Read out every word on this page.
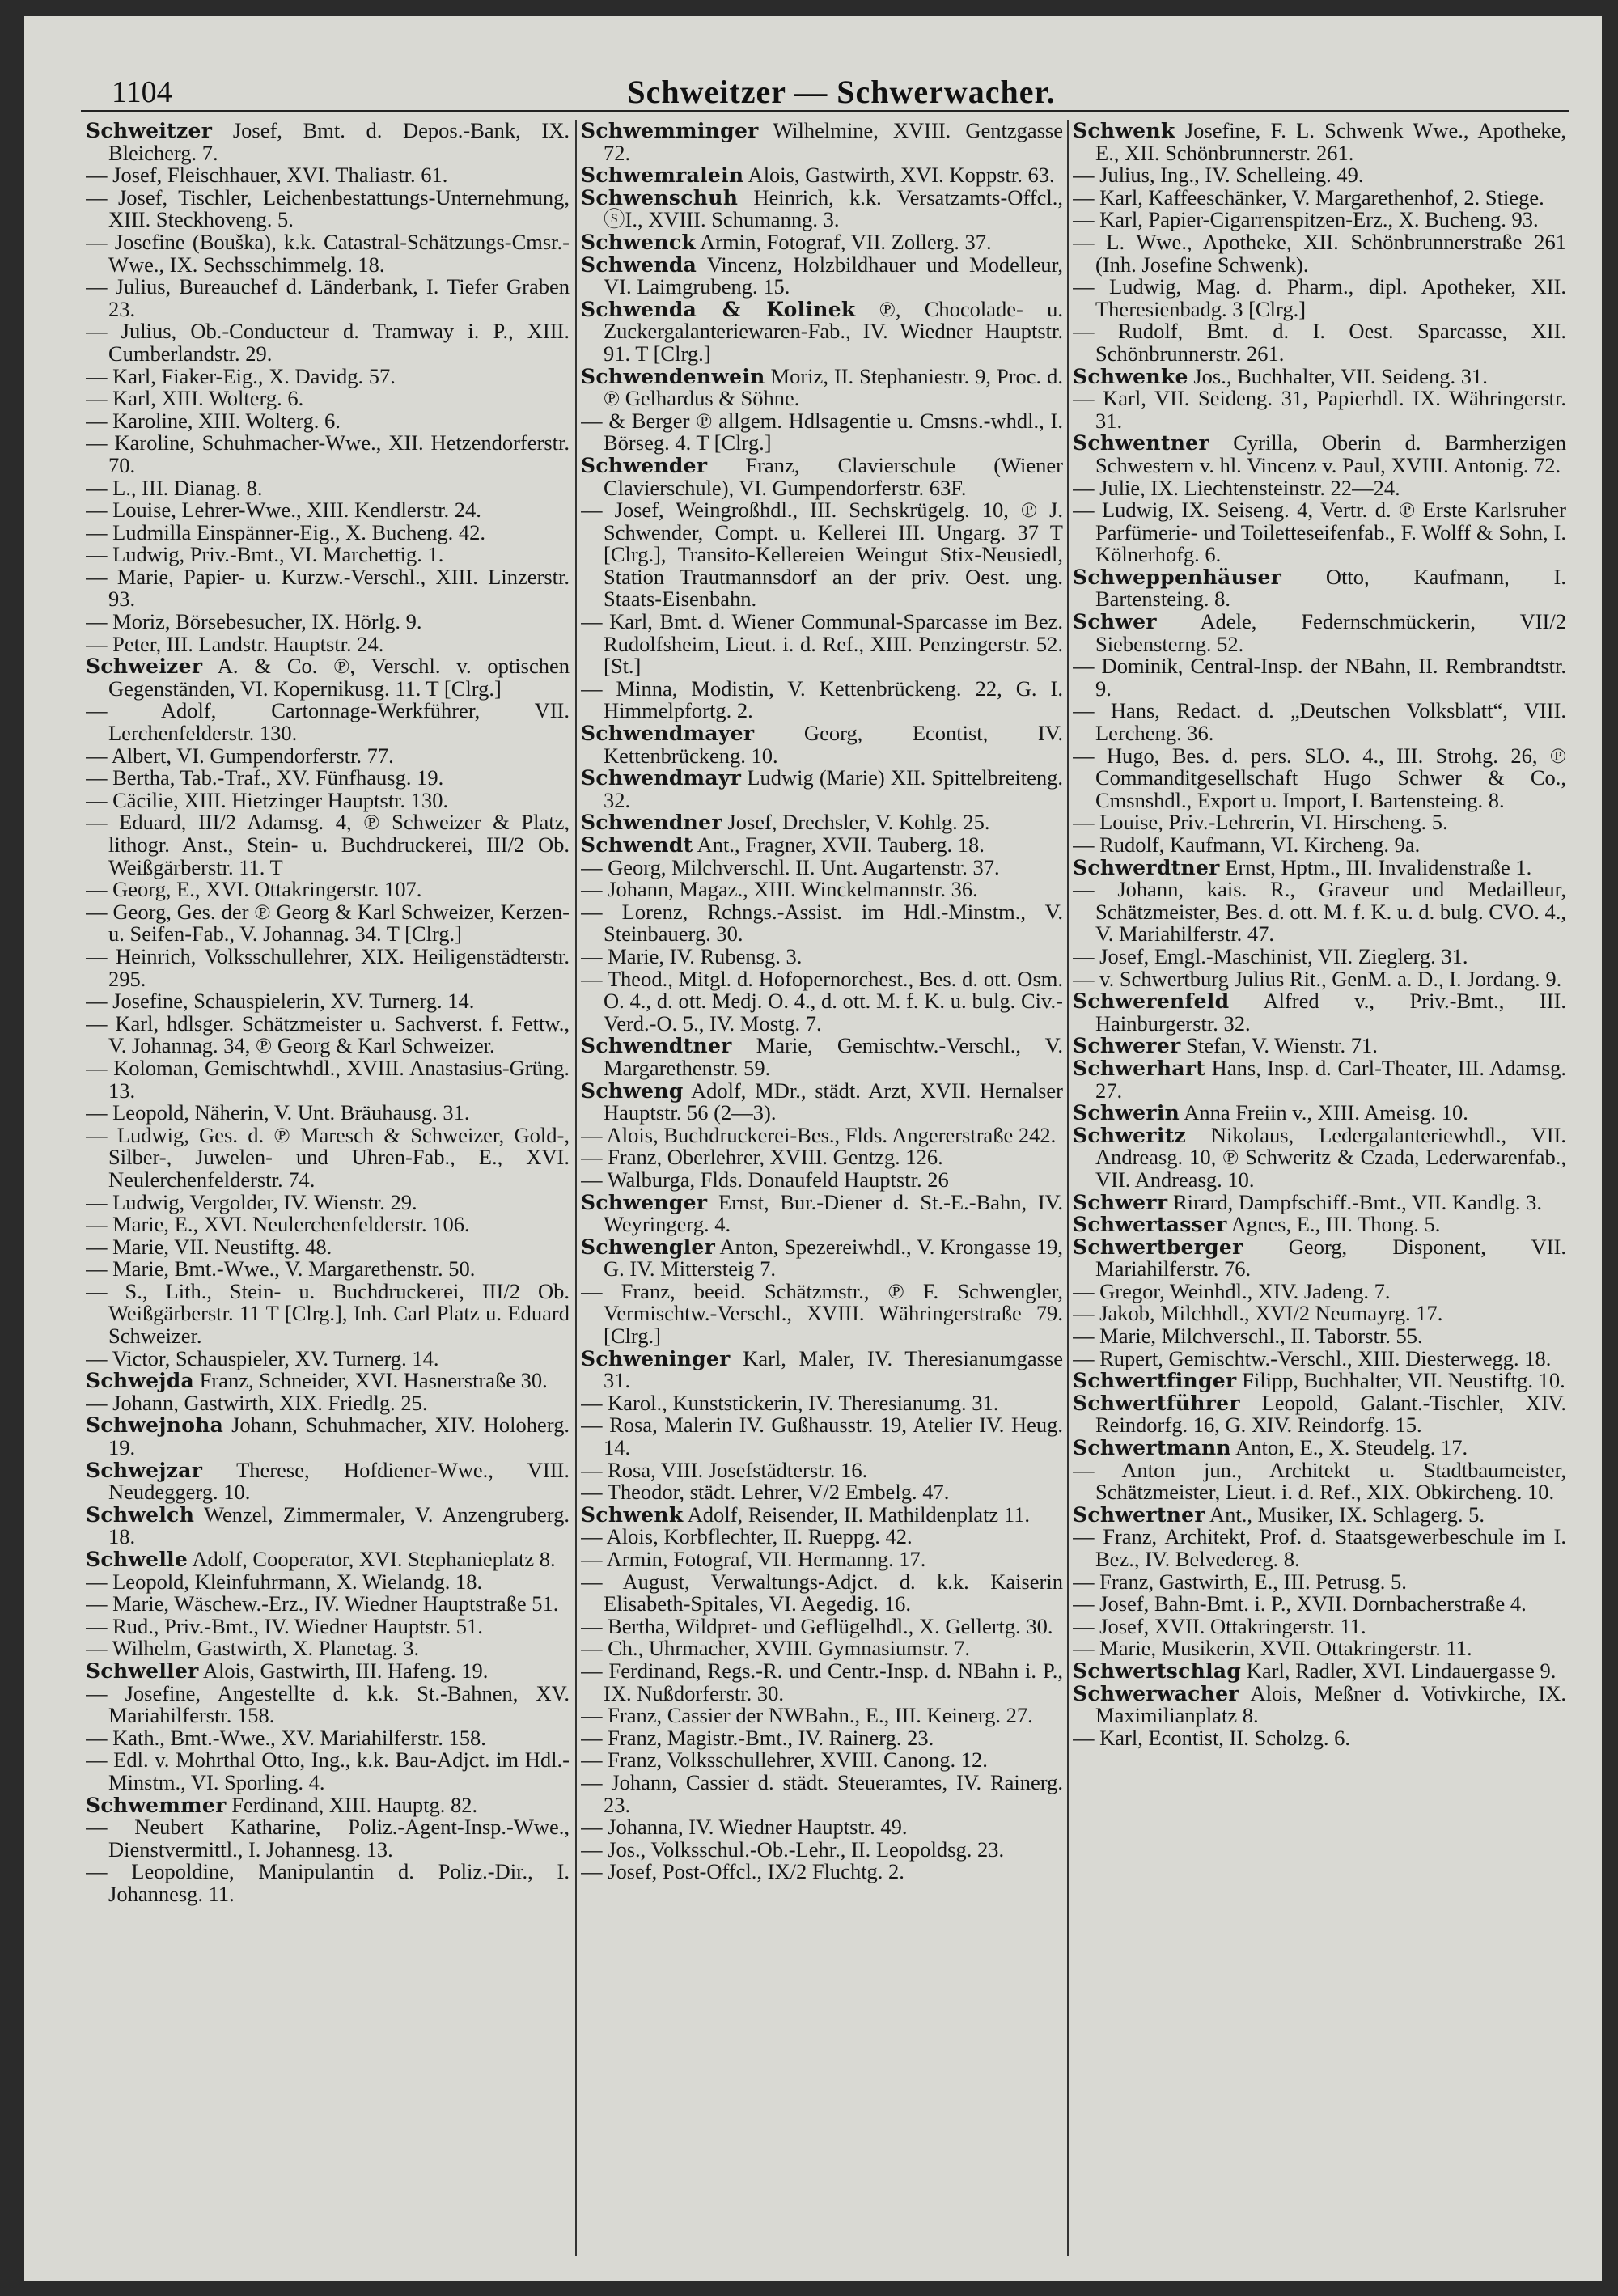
1104	Schweitzer — Schwerwacher.

Schweitzer Josef, Bmt. d. Depos.-Bank, IX. Bleicherg. 7.

— Josef, Fleischhauer, XVI. Thaliastr. 61.

— Josef, Tischler, Leichenbestattungs-Unternehmung, XIII. Steckhoveng. 5.

— Josefine (Bouška), k.k. Catastral-Schätzungs-Cmsr.-Wwe., IX. Sechsschimmelg. 18.

— Julius, Bureauchef d. Länderbank, I. Tiefer Graben 23.

— Julius, Ob.-Conducteur d. Tramway i. P., XIII. Cumberlandstr. 29.

— Karl, Fiaker-Eig., X. Davidg. 57.

— Karl, XIII. Wolterg. 6.

— Karoline, XIII. Wolterg. 6.

— Karoline, Schuhmacher-Wwe., XII. Hetzendorferstr. 70.

— L., III. Dianag. 8.

— Louise, Lehrer-Wwe., XIII. Kendlerstr. 24.

— Ludmilla Einspänner-Eig., X. Bucheng. 42.

— Ludwig, Priv.-Bmt., VI. Marchettig. 1.

— Marie, Papier- u. Kurzw.-Verschl., XIII. Linzerstr. 93.

— Moriz, Börsebesucher, IX. Hörlg. 9.

— Peter, III. Landstr. Hauptstr. 24.

Schweizer A. & Co. ℗, Verschl. v. optischen Gegenständen, VI. Kopernikusg. 11. T [Clrg.]

— Adolf, Cartonnage-Werkführer, VII. Lerchenfelderstr. 130.

— Albert, VI. Gumpendorferstr. 77.

— Bertha, Tab.-Traf., XV. Fünfhausg. 19.

— Cäcilie, XIII. Hietzinger Hauptstr. 130.

— Eduard, III/2 Adamsg. 4, ℗ Schweizer & Platz, lithogr. Anst., Stein- u. Buchdruckerei, III/2 Ob. Weißgärberstr. 11. T

— Georg, E., XVI. Ottakringerstr. 107.

— Georg, Ges. der ℗ Georg & Karl Schweizer, Kerzen- u. Seifen-Fab., V. Johannag. 34. T [Clrg.]

— Heinrich, Volksschullehrer, XIX. Heiligenstädterstr. 295.

— Josefine, Schauspielerin, XV. Turnerg. 14.

— Karl, hdlsger. Schätzmeister u. Sachverst. f. Fettw., V. Johannag. 34, ℗ Georg & Karl Schweizer.

— Koloman, Gemischtwhdl., XVIII. Anastasius-Grüng. 13.

— Leopold, Näherin, V. Unt. Bräuhausg. 31.

— Ludwig, Ges. d. ℗ Maresch & Schweizer, Gold-, Silber-, Juwelen- und Uhren-Fab., E., XVI. Neulerchenfelderstr. 74.

— Ludwig, Vergolder, IV. Wienstr. 29.

— Marie, E., XVI. Neulerchenfelderstr. 106.

— Marie, VII. Neustiftg. 48.

— Marie, Bmt.-Wwe., V. Margarethenstr. 50.

— S., Lith., Stein- u. Buchdruckerei, III/2 Ob. Weißgärberstr. 11 T [Clrg.], Inh. Carl Platz u. Eduard Schweizer.

— Victor, Schauspieler, XV. Turnerg. 14.

Schwejda Franz, Schneider, XVI. Hasnerstraße 30.

— Johann, Gastwirth, XIX. Friedlg. 25.

Schwejnoha Johann, Schuhmacher, XIV. Holoherg. 19.

Schwejzar Therese, Hofdiener-Wwe., VIII. Neudeggerg. 10.

Schwelch Wenzel, Zimmermaler, V. Anzengruberg. 18.

Schwelle Adolf, Cooperator, XVI. Stephanieplatz 8.

— Leopold, Kleinfuhrmann, X. Wielandg. 18.

— Marie, Wäschew.-Erz., IV. Wiedner Hauptstraße 51.

— Rud., Priv.-Bmt., IV. Wiedner Hauptstr. 51.

— Wilhelm, Gastwirth, X. Planetag. 3.

Schweller Alois, Gastwirth, III. Hafeng. 19.

— Josefine, Angestellte d. k.k. St.-Bahnen, XV. Mariahilferstr. 158.

— Kath., Bmt.-Wwe., XV. Mariahilferstr. 158.

— Edl. v. Mohrthal Otto, Ing., k.k. Bau-Adjct. im Hdl.-Minstm., VI. Sporling. 4.

Schwemmer Ferdinand, XIII. Hauptg. 82.

— Neubert Katharine, Poliz.-Agent-Insp.-Wwe., Dienstvermittl., I. Johannesg. 13.

— Leopoldine, Manipulantin d. Poliz.-Dir., I. Johannesg. 11.

Schwemminger Wilhelmine, XVIII. Gentzgasse 72.

Schwemralein Alois, Gastwirth, XVI. Koppstr. 63.

Schwenschuh Heinrich, k.k. Versatzamts-Offcl., ⓢI., XVIII. Schumanng. 3.

Schwenck Armin, Fotograf, VII. Zollerg. 37.

Schwenda Vincenz, Holzbildhauer und Modelleur, VI. Laimgrubeng. 15.

Schwenda & Kolinek ℗, Chocolade- u. Zuckergalanteriewaren-Fab., IV. Wiedner Hauptstr. 91. T [Clrg.]

Schwendenwein Moriz, II. Stephaniestr. 9, Proc. d. ℗ Gelhardus & Söhne.

— & Berger ℗ allgem. Hdlsagentie u. Cmsns.-whdl., I. Börseg. 4. T [Clrg.]

Schwender Franz, Clavierschule (Wiener Clavierschule), VI. Gumpendorferstr. 63F.

— Josef, Weingroßhdl., III. Sechskrügelg. 10, ℗ J. Schwender, Compt. u. Kellerei III. Ungarg. 37 T [Clrg.], Transito-Kellereien Weingut Stix-Neusiedl, Station Trautmannsdorf an der priv. Oest. ung. Staats-Eisenbahn.

— Karl, Bmt. d. Wiener Communal-Sparcasse im Bez. Rudolfsheim, Lieut. i. d. Ref., XIII. Penzingerstr. 52. [St.]

— Minna, Modistin, V. Kettenbrückeng. 22, G. I. Himmelpfortg. 2.

Schwendmayer Georg, Econtist, IV. Kettenbrückeng. 10.

Schwendmayr Ludwig (Marie) XII. Spittelbreiteng. 32.

Schwendner Josef, Drechsler, V. Kohlg. 25.

Schwendt Ant., Fragner, XVII. Tauberg. 18.

— Georg, Milchverschl. II. Unt. Augartenstr. 37.

— Johann, Magaz., XIII. Winckelmannstr. 36.

— Lorenz, Rchngs.-Assist. im Hdl.-Minstm., V. Steinbauerg. 30.

— Marie, IV. Rubensg. 3.

— Theod., Mitgl. d. Hofopernorchest., Bes. d. ott. Osm. O. 4., d. ott. Medj. O. 4., d. ott. M. f. K. u. bulg. Civ.-Verd.-O. 5., IV. Mostg. 7.

Schwendtner Marie, Gemischtw.-Verschl., V. Margarethenstr. 59.

Schweng Adolf, MDr., städt. Arzt, XVII. Hernalser Hauptstr. 56 (2—3).

— Alois, Buchdruckerei-Bes., Flds. Angererstraße 242.

— Franz, Oberlehrer, XVIII. Gentzg. 126.

— Walburga, Flds. Donaufeld Hauptstr. 26

Schwenger Ernst, Bur.-Diener d. St.-E.-Bahn, IV. Weyringerg. 4.

Schwengler Anton, Spezereiwhdl., V. Krongasse 19, G. IV. Mittersteig 7.

— Franz, beeid. Schätzmstr., ℗ F. Schwengler, Vermischtw.-Verschl., XVIII. Währingerstraße 79. [Clrg.]

Schweninger Karl, Maler, IV. Theresianumgasse 31.

— Karol., Kunststickerin, IV. Theresianumg. 31.

— Rosa, Malerin IV. Gußhausstr. 19, Atelier IV. Heug. 14.

— Rosa, VIII. Josefstädterstr. 16.

— Theodor, städt. Lehrer, V/2 Embelg. 47.

Schwenk Adolf, Reisender, II. Mathildenplatz 11.

— Alois, Korbflechter, II. Rueppg. 42.

— Armin, Fotograf, VII. Hermanng. 17.

— August, Verwaltungs-Adjct. d. k.k. Kaiserin Elisabeth-Spitales, VI. Aegedig. 16.

— Bertha, Wildpret- und Geflügelhdl., X. Gellertg. 30.

— Ch., Uhrmacher, XVIII. Gymnasiumstr. 7.

— Ferdinand, Regs.-R. und Centr.-Insp. d. NBahn i. P., IX. Nußdorferstr. 30.

— Franz, Cassier der NWBahn., E., III. Keinerg. 27.

— Franz, Magistr.-Bmt., IV. Rainerg. 23.

— Franz, Volksschullehrer, XVIII. Canong. 12.

— Johann, Cassier d. städt. Steueramtes, IV. Rainerg. 23.

— Johanna, IV. Wiedner Hauptstr. 49.

— Jos., Volksschul.-Ob.-Lehr., II. Leopoldsg. 23.

— Josef, Post-Offcl., IX/2 Fluchtg. 2.

Schwenk Josefine, F. L. Schwenk Wwe., Apotheke, E., XII. Schönbrunnerstr. 261.

— Julius, Ing., IV. Schelleing. 49.

— Karl, Kaffeeschänker, V. Margarethenhof, 2. Stiege.

— Karl, Papier-Cigarrenspitzen-Erz., X. Bucheng. 93.

— L. Wwe., Apotheke, XII. Schönbrunnerstraße 261 (Inh. Josefine Schwenk).

— Ludwig, Mag. d. Pharm., dipl. Apotheker, XII. Theresienbadg. 3 [Clrg.]

— Rudolf, Bmt. d. I. Oest. Sparcasse, XII. Schönbrunnerstr. 261.

Schwenke Jos., Buchhalter, VII. Seideng. 31.

— Karl, VII. Seideng. 31, Papierhdl. IX. Währingerstr. 31.

Schwentner Cyrilla, Oberin d. Barmherzigen Schwestern v. hl. Vincenz v. Paul, XVIII. Antonig. 72.

— Julie, IX. Liechtensteinstr. 22—24.

— Ludwig, IX. Seiseng. 4, Vertr. d. ℗ Erste Karlsruher Parfümerie- und Toiletteseifenfab., F. Wolff & Sohn, I. Kölnerhofg. 6.

Schweppenhäuser Otto, Kaufmann, I. Bartensteing. 8.

Schwer Adele, Federnschmückerin, VII/2 Siebensterng. 52.

— Dominik, Central-Insp. der NBahn, II. Rembrandtstr. 9.

— Hans, Redact. d. „Deutschen Volksblatt“, VIII. Lercheng. 36.

— Hugo, Bes. d. pers. SLO. 4., III. Strohg. 26, ℗ Commanditgesellschaft Hugo Schwer & Co., Cmsnshdl., Export u. Import, I. Bartensteing. 8.

— Louise, Priv.-Lehrerin, VI. Hirscheng. 5.

— Rudolf, Kaufmann, VI. Kircheng. 9a.

Schwerdtner Ernst, Hptm., III. Invalidenstraße 1.

— Johann, kais. R., Graveur und Medailleur, Schätzmeister, Bes. d. ott. M. f. K. u. d. bulg. CVO. 4., V. Mariahilferstr. 47.

— Josef, Emgl.-Maschinist, VII. Zieglerg. 31.

— v. Schwertburg Julius Rit., GenM. a. D., I. Jordang. 9.

Schwerenfeld Alfred v., Priv.-Bmt., III. Hainburgerstr. 32.

Schwerer Stefan, V. Wienstr. 71.

Schwerhart Hans, Insp. d. Carl-Theater, III. Adamsg. 27.

Schwerin Anna Freiin v., XIII. Ameisg. 10.

Schweritz Nikolaus, Ledergalanteriewhdl., VII. Andreasg. 10, ℗ Schweritz & Czada, Lederwarenfab., VII. Andreasg. 10.

Schwerr Rirard, Dampfschiff.-Bmt., VII. Kandlg. 3.

Schwertasser Agnes, E., III. Thong. 5.

Schwertberger Georg, Disponent, VII. Mariahilferstr. 76.

— Gregor, Weinhdl., XIV. Jadeng. 7.

— Jakob, Milchhdl., XVI/2 Neumayrg. 17.

— Marie, Milchverschl., II. Taborstr. 55.

— Rupert, Gemischtw.-Verschl., XIII. Diesterwegg. 18.

Schwertfinger Filipp, Buchhalter, VII. Neustiftg. 10.

Schwertführer Leopold, Galant.-Tischler, XIV. Reindorfg. 16, G. XIV. Reindorfg. 15.

Schwertmann Anton, E., X. Steudelg. 17.

— Anton jun., Architekt u. Stadtbaumeister, Schätzmeister, Lieut. i. d. Ref., XIX. Obkircheng. 10.

Schwertner Ant., Musiker, IX. Schlagerg. 5.

— Franz, Architekt, Prof. d. Staatsgewerbeschule im I. Bez., IV. Belvedereg. 8.

— Franz, Gastwirth, E., III. Petrusg. 5.

— Josef, Bahn-Bmt. i. P., XVII. Dornbacherstraße 4.

— Josef, XVII. Ottakringerstr. 11.

— Marie, Musikerin, XVII. Ottakringerstr. 11.

Schwertschlag Karl, Radler, XVI. Lindauergasse 9.

Schwerwacher Alois, Meßner d. Votivkirche, IX. Maximilianplatz 8.

— Karl, Econtist, II. Scholzg. 6.
